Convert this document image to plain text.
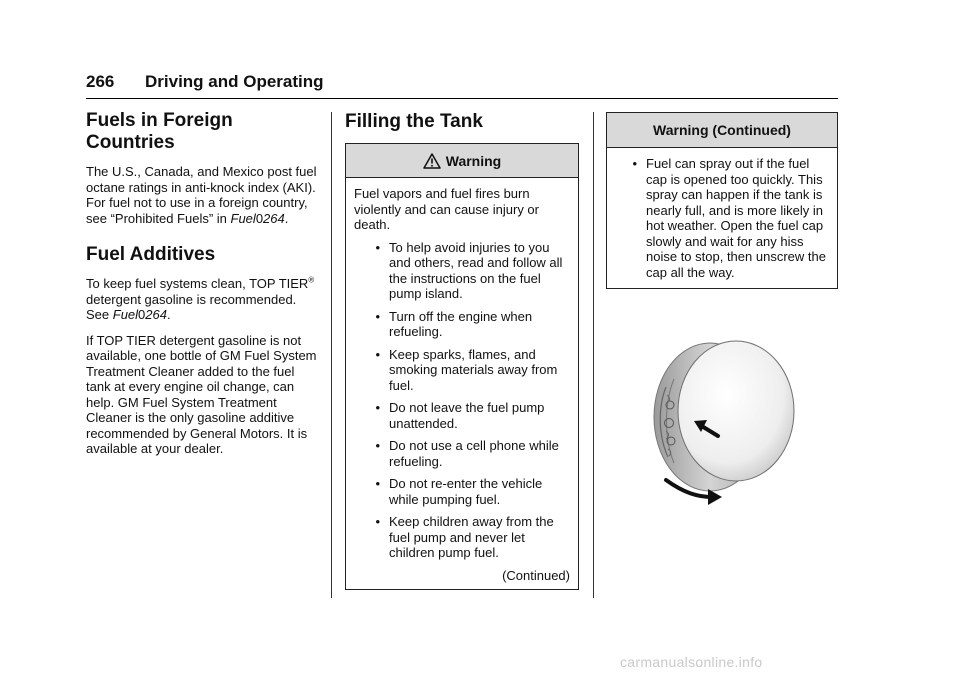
266 Driving and Operating
Fuels in Foreign Countries

The U.S., Canada, and Mexico post fuel octane ratings in anti-knock index (AKI). For fuel not to use in a foreign country, see “Prohibited Fuels” in Fuel0264.

Fuel Additives

To keep fuel systems clean, TOP TIER® detergent gasoline is recommended. See Fuel0264.

If TOP TIER detergent gasoline is not available, one bottle of GM Fuel System Treatment Cleaner added to the fuel tank at every engine oil change, can help. GM Fuel System Treatment Cleaner is the only gasoline additive recommended by General Motors. It is available at your dealer.

Filling the Tank
Warning

Fuel vapors and fuel fires burn violently and can cause injury or death.

• To help avoid injuries to you and others, read and follow all the instructions on the fuel pump island.

• Turn off the engine when refueling.

• Keep sparks, flames, and smoking materials away from fuel.

• Do not leave the fuel pump unattended.

• Do not use a cell phone while refueling.

• Do not re-enter the vehicle while pumping fuel.

• Keep children away from the fuel pump and never let children pump fuel.

(Continued)
Warning (Continued)
• Fuel can spray out if the fuel cap is opened too quickly. This spray can happen if the tank is nearly full, and is more likely in hot weather. Open the fuel cap slowly and wait for any hiss noise to stop, then unscrew the cap all the way.

carmanualsonline.info
